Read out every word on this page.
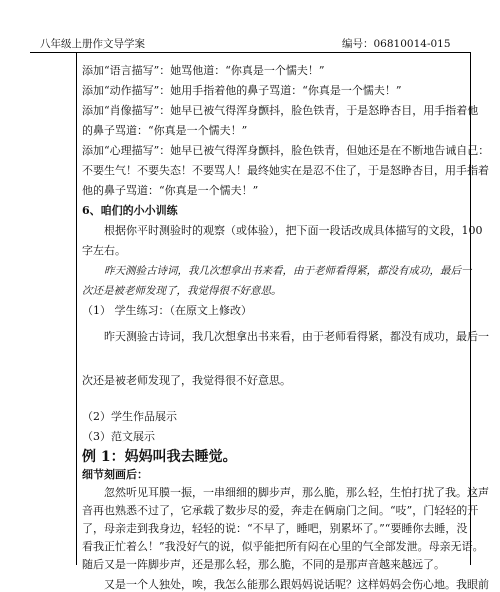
八年级上册作文导学案	编号：06810014-015
添加“语言描写”：她骂他道：“你真是一个懦夫！”
添加“动作描写”：她用手指着他的鼻子骂道：“你真是一个懦夫！”
添加“肖像描写”：她早已被气得浑身颤抖，脸色铁青，于是怒睁杏目，用手指着他
的鼻子骂道：“你真是一个懦夫！”
添加“心理描写”：她早已被气得浑身颤抖，脸色铁青，但她还是在不断地告诫自己：
不要生气！不要失态！不要骂人！最终她实在是忍不住了，于是怒睁杏目，用手指着
他的鼻子骂道：“你真是一个懦夫！”
6、咱们的小小训练
根据你平时测验时的观察（或体验），把下面一段话改成具体描写的文段，100
字左右。
昨天测验古诗词，我几次想拿出书来看，由于老师看得紧，都没有成功，最后一
次还是被老师发现了，我觉得很不好意思。
（1） 学生练习：（在原文上修改）
昨天测验古诗词，我几次想拿出书来看，由于老师看得紧，都没有成功，最后一
次还是被老师发现了，我觉得很不好意思。
（2）学生作品展示
（3）范文展示
例 1：妈妈叫我去睡觉。
细节刻画后：
忽然听见耳膜一振，一串细细的脚步声，那么脆，那么轻，生怕打扰了我。这声
音再也熟悉不过了，它承载了数步尽的爱，奔走在俩扇门之间。“吱”，门轻轻的开
了，母亲走到我身边，轻轻的说：“不早了，睡吧，别累坏了。”“要睡你去睡，没
看我正忙着么！”我没好气的说，似乎能把所有闷在心里的气全部发泄。母亲无语。
随后又是一阵脚步声，还是那么轻，那么脆，不同的是那声音越来越远了。
又是一个人独处，唉，我怎么能那么跟妈妈说话呢？这样妈妈会伤心地。我眼前
